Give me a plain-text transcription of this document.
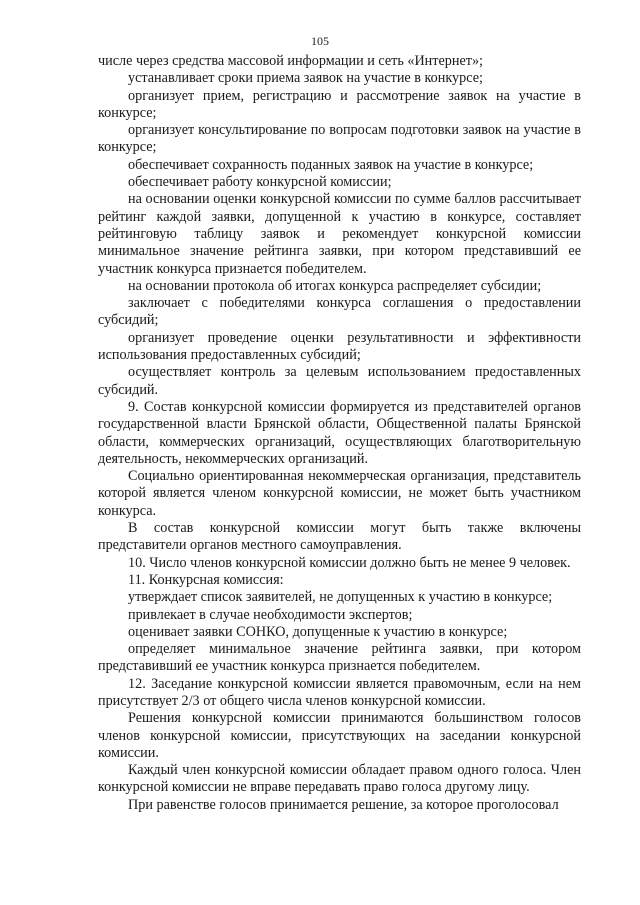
105

числе через средства массовой информации и сеть «Интернет»;

устанавливает сроки приема заявок на участие в конкурсе;

организует прием, регистрацию и рассмотрение заявок на участие в конкурсе;

организует консультирование по вопросам подготовки заявок на участие в конкурсе;

обеспечивает сохранность поданных заявок на участие в конкурсе;

обеспечивает работу конкурсной комиссии;

на основании оценки конкурсной комиссии по сумме баллов рассчитывает рейтинг каждой заявки, допущенной к участию в конкурсе, составляет рейтинговую таблицу заявок и рекомендует конкурсной комиссии минимальное значение рейтинга заявки, при котором представивший ее участник конкурса признается победителем.

на основании протокола об итогах конкурса распределяет субсидии;

заключает с победителями конкурса соглашения о предоставлении субсидий;

организует проведение оценки результативности и эффективности использования предоставленных субсидий;

осуществляет контроль за целевым использованием предоставленных субсидий.

9. Состав конкурсной комиссии формируется из представителей органов государственной власти Брянской области, Общественной палаты Брянской области, коммерческих организаций, осуществляющих благотворительную деятельность, некоммерческих организаций.

Социально ориентированная некоммерческая организация, представитель которой является членом конкурсной комиссии, не может быть участником конкурса.

В состав конкурсной комиссии могут быть также включены представители органов местного самоуправления.

10. Число членов конкурсной комиссии должно быть не менее 9 человек.

11. Конкурсная комиссия:

утверждает список заявителей, не допущенных к участию в конкурсе;

привлекает в случае необходимости экспертов;

оценивает заявки СОНКО, допущенные к участию в конкурсе;

определяет минимальное значение рейтинга заявки, при котором представивший ее участник конкурса признается победителем.

12. Заседание конкурсной комиссии является правомочным, если на нем присутствует 2/3 от общего числа членов конкурсной комиссии.

Решения конкурсной комиссии принимаются большинством голосов членов конкурсной комиссии, присутствующих на заседании конкурсной комиссии.

Каждый член конкурсной комиссии обладает правом одного голоса. Член конкурсной комиссии не вправе передавать право голоса другому лицу.

При равенстве голосов принимается решение, за которое проголосовал
